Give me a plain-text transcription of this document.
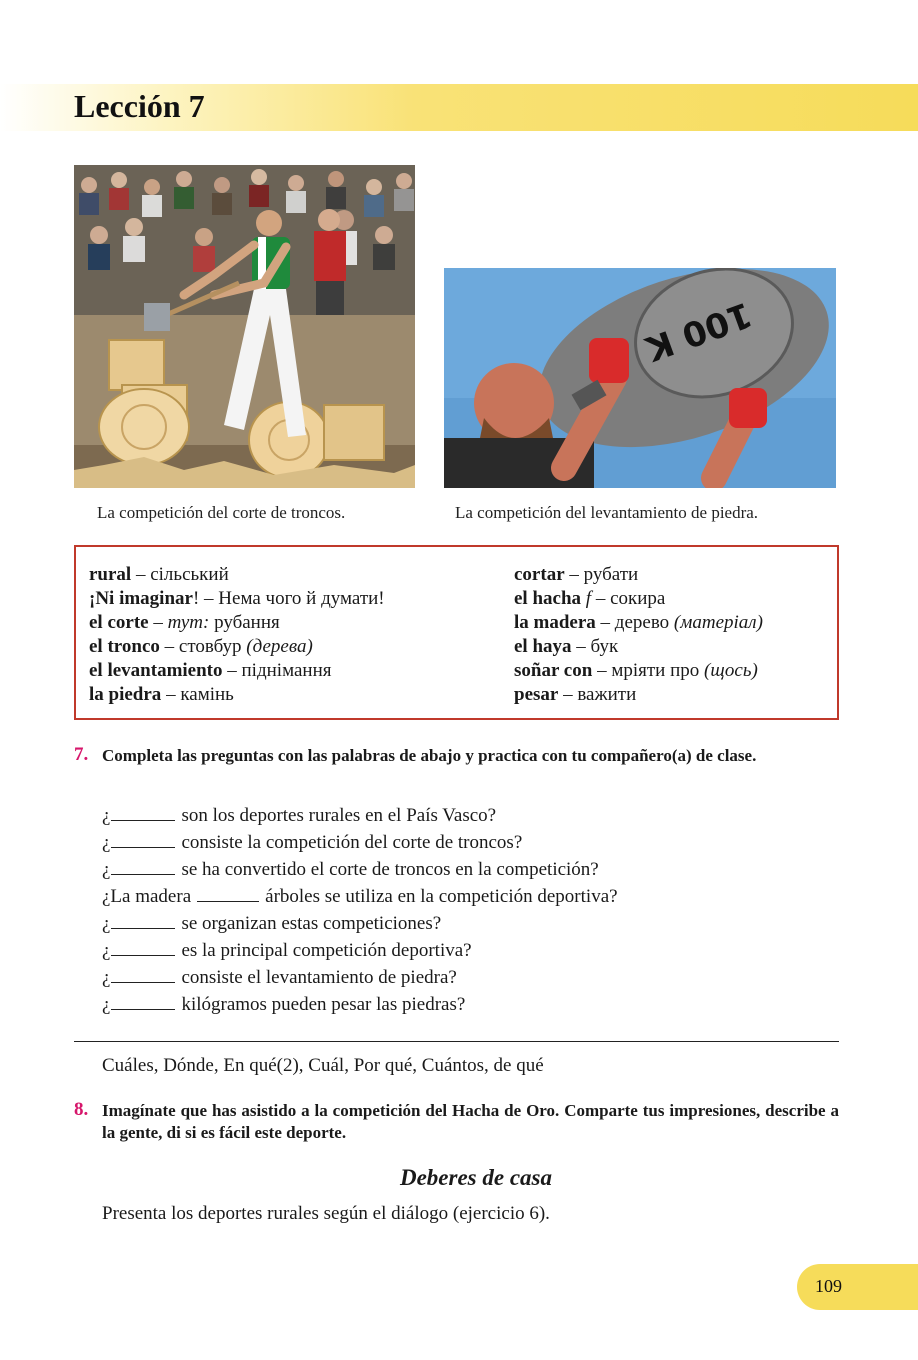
Lección 7
100 K
La competición del corte de troncos.	La competición del levantamiento de piedra.
rural – сільський
¡Ni imaginar! – Нема чого й думати!
el corte – тут: рубання
el tronco – стовбур (дерева)
el levantamiento – піднімання
la piedra – камінь
cortar – рубати
el hacha f – сокира
la madera – дерево (матеріал)
el haya – бук
soñar con – мріяти про (щось)
pesar – важити
7. Completa las preguntas con las palabras de abajo y practica con tu compañero(a) de clase.
¿	son los deportes rurales en el País Vasco?
¿	consiste la competición del corte de troncos?
¿	se ha convertido el corte de troncos en la competición?
¿La madera	árboles se utiliza en la competición deportiva?
¿	se organizan estas competiciones?
¿	es la principal competición deportiva?
¿	consiste el levantamiento de piedra?
¿	kilógramos pueden pesar las piedras?
Cuáles, Dónde, En qué(2), Cuál, Por qué, Cuántos, de qué
8. Imagínate que has asistido a la competición del Hacha de Oro. Comparte tus impresiones, describe a la gente, di si es fácil este deporte.
Deberes de casa
Presenta los deportes rurales según el diálogo (ejercicio 6).
109
